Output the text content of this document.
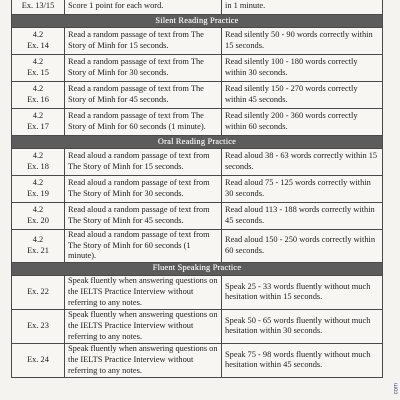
Ex. 13/15	Score 1 point for each word.	in 1 minute.
Silent Reading Practice		

4.2
Ex. 14	Read a random passage of text from The Story of Minh for 15 seconds.	Read silently 50 - 90 words correctly within 15 seconds.

4.2
Ex. 15	Read a random passage of text from The Story of Minh for 30 seconds.	Read silently 100 - 180 words correctly within 30 seconds.

4.2
Ex. 16	Read a random passage of text from The Story of Minh for 45 seconds.	Read silently 150 - 270 words correctly within 45 seconds.

4.2
Ex. 17	Read a random passage of text from The Story of Minh for 60 seconds (1 minute).	Read silently 200 - 360 words correctly within 60 seconds.
Oral Reading Practice		

4.2
Ex. 18	Read aloud a random passage of text from The Story of Minh for 15 seconds.	Read aloud 38 - 63 words correctly within 15 seconds.

4.2
Ex. 19	Read aloud a random passage of text from The Story of Minh for 30 seconds.	Read aloud 75 - 125 words correctly within 30 seconds.

4.2
Ex. 20	Read aloud a random passage of text from The Story of Minh for 45 seconds.	Read aloud 113 - 188 words correctly within 45 seconds.

4.2
Ex. 21	Read aloud a random passage of text from The Story of Minh for 60 seconds (1 minute).	Read aloud 150 - 250 words correctly within 60 seconds.
Fluent Speaking Practice		

Ex. 22	Speak fluently when answering questions on the IELTS Practice Interview without referring to any notes.	Speak 25 - 33 words fluently without much hesitation within 15 seconds.

Ex. 23	Speak fluently when answering questions on the IELTS Practice Interview without referring to any notes.	Speak 50 - 65 words fluently without much hesitation within 30 seconds.

Ex. 24	Speak fluently when answering questions on the IELTS Practice Interview without referring to any notes.	Speak 75 - 98 words fluently without much hesitation within 45 seconds.
com
